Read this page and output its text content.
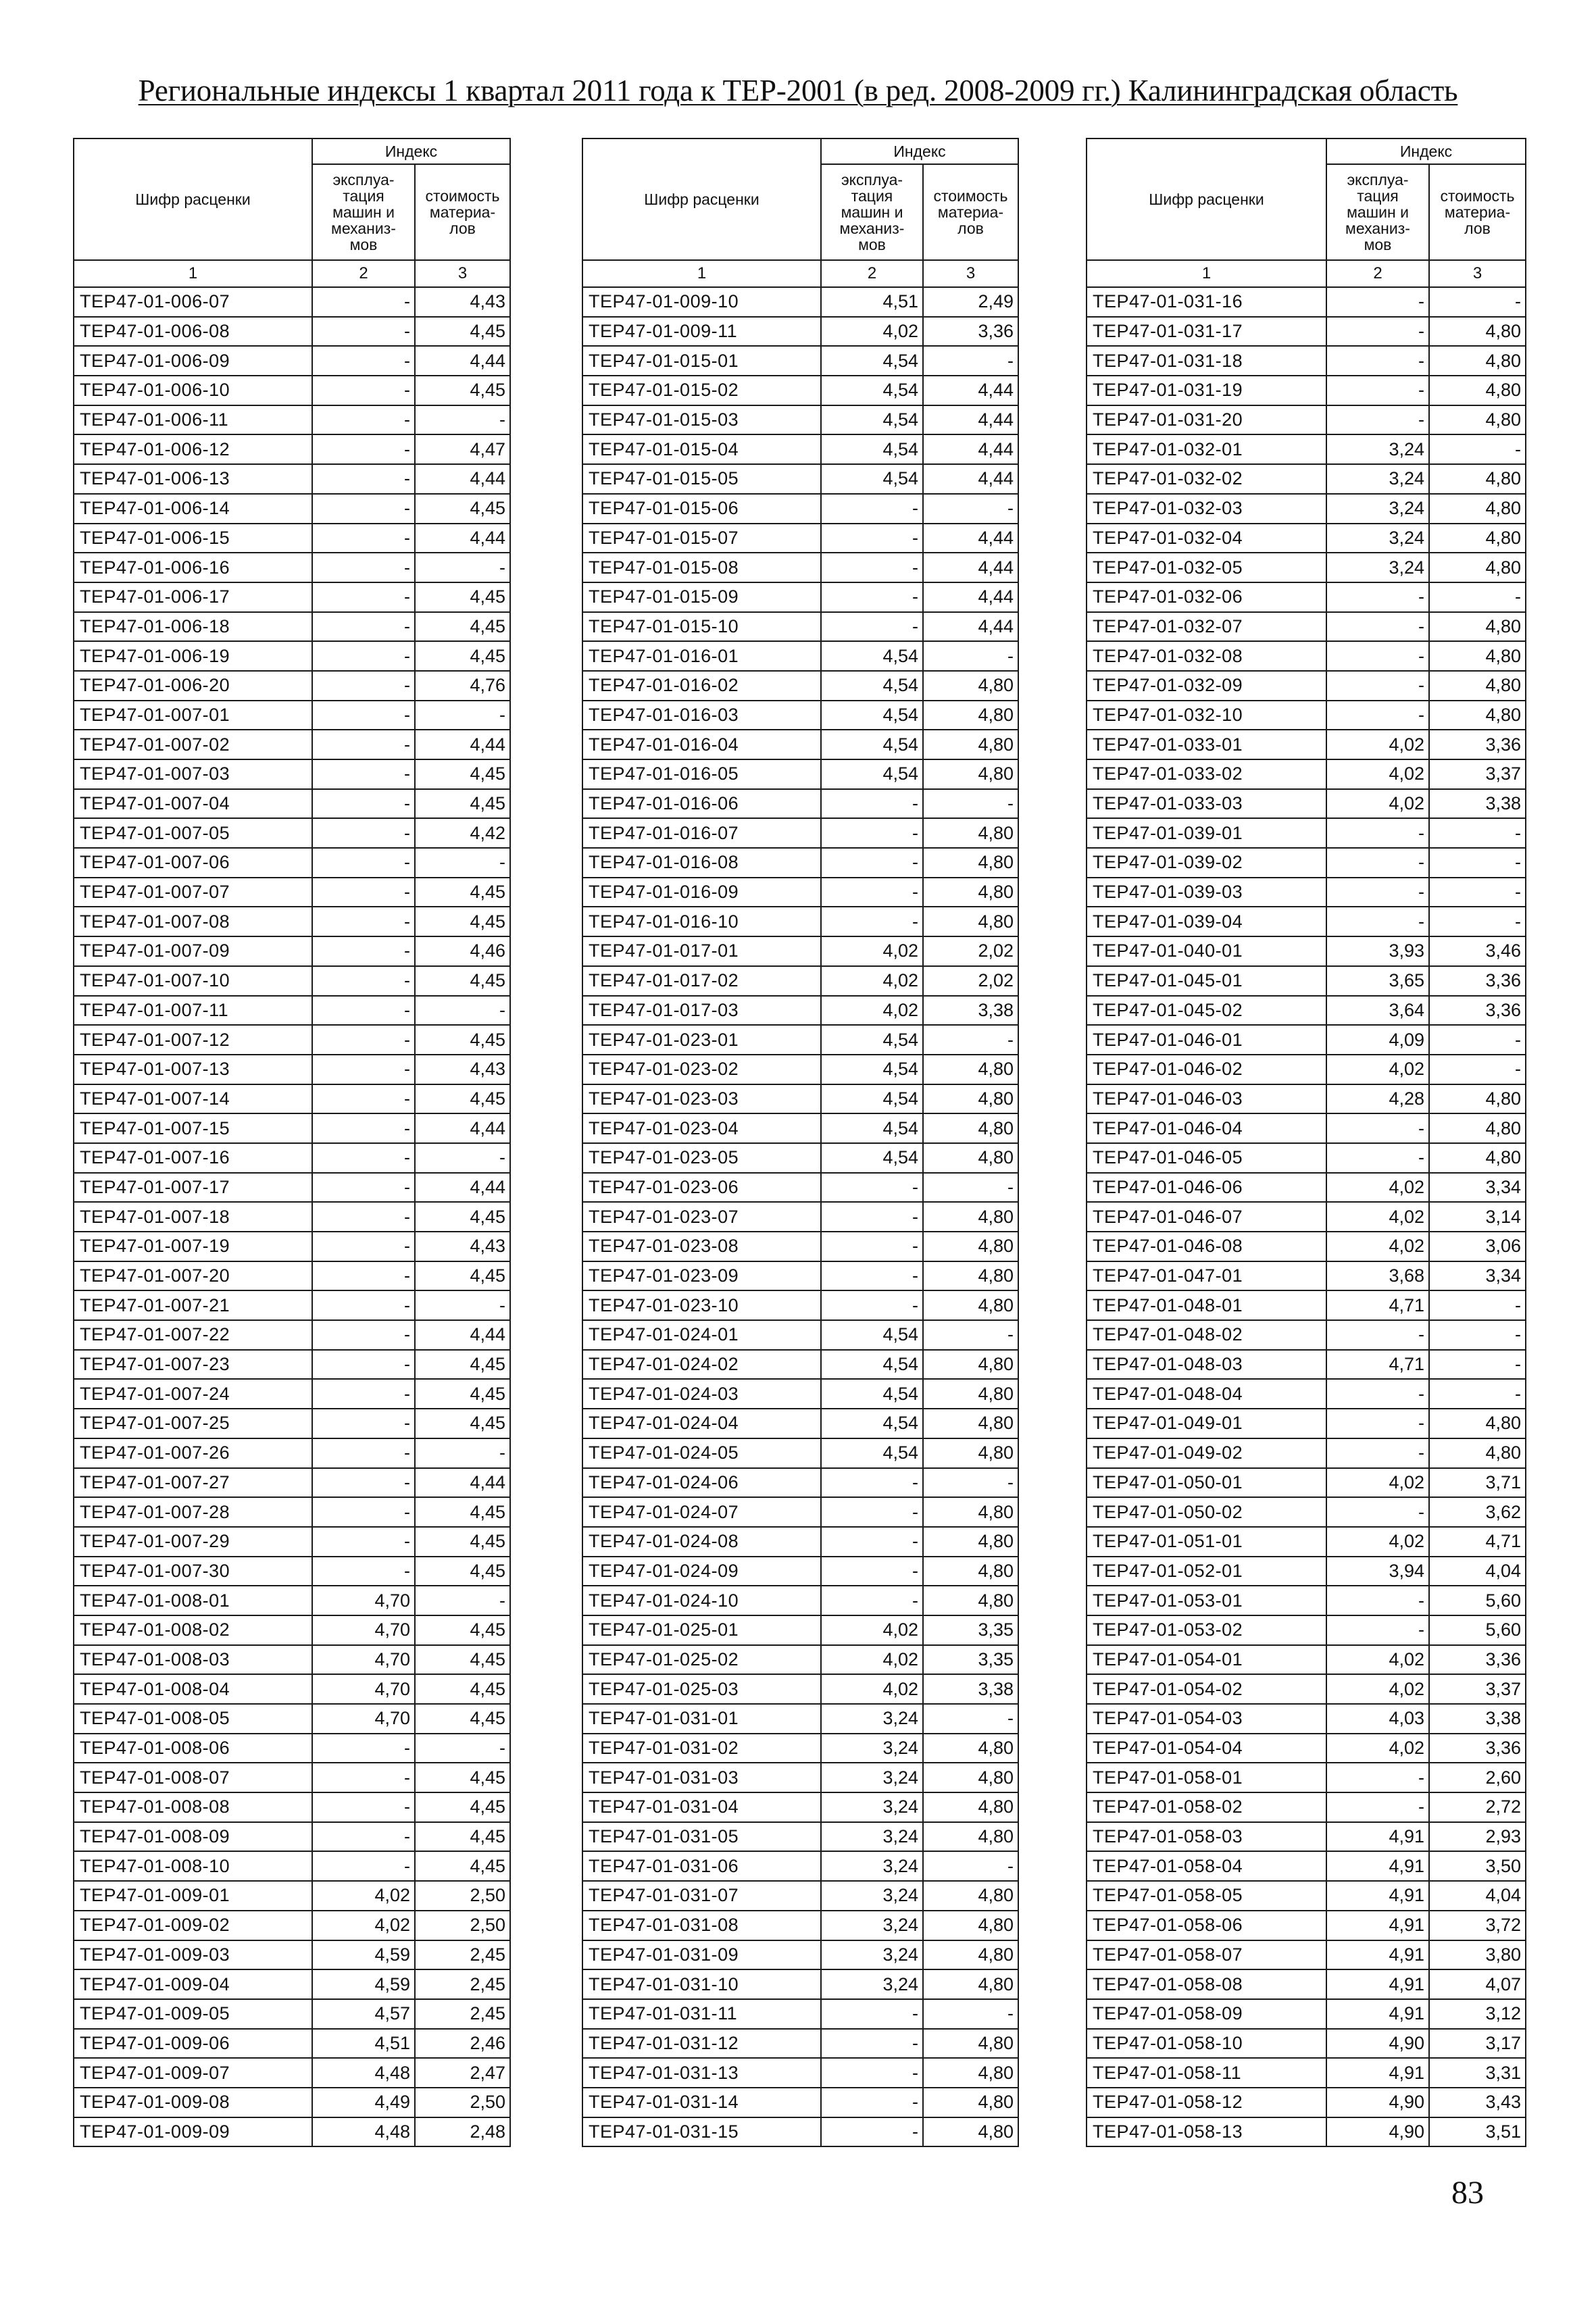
Региональные индексы 1 квартал 2011 года к ТЕР-2001 (в ред. 2008-2009 гг.) Калининградская область
Шифр расценки	Индекс	
	эксплуа-
тация
машин и
механиз-
мов	стоимость
материа-
лов
1	2	3
ТЕР47-01-006-07	-	4,43
ТЕР47-01-006-08	-	4,45
ТЕР47-01-006-09	-	4,44
ТЕР47-01-006-10	-	4,45
ТЕР47-01-006-11	-	-
ТЕР47-01-006-12	-	4,47
ТЕР47-01-006-13	-	4,44
ТЕР47-01-006-14	-	4,45
ТЕР47-01-006-15	-	4,44
ТЕР47-01-006-16	-	-
ТЕР47-01-006-17	-	4,45
ТЕР47-01-006-18	-	4,45
ТЕР47-01-006-19	-	4,45
ТЕР47-01-006-20	-	4,76
ТЕР47-01-007-01	-	-
ТЕР47-01-007-02	-	4,44
ТЕР47-01-007-03	-	4,45
ТЕР47-01-007-04	-	4,45
ТЕР47-01-007-05	-	4,42
ТЕР47-01-007-06	-	-
ТЕР47-01-007-07	-	4,45
ТЕР47-01-007-08	-	4,45
ТЕР47-01-007-09	-	4,46
ТЕР47-01-007-10	-	4,45
ТЕР47-01-007-11	-	-
ТЕР47-01-007-12	-	4,45
ТЕР47-01-007-13	-	4,43
ТЕР47-01-007-14	-	4,45
ТЕР47-01-007-15	-	4,44
ТЕР47-01-007-16	-	-
ТЕР47-01-007-17	-	4,44
ТЕР47-01-007-18	-	4,45
ТЕР47-01-007-19	-	4,43
ТЕР47-01-007-20	-	4,45
ТЕР47-01-007-21	-	-
ТЕР47-01-007-22	-	4,44
ТЕР47-01-007-23	-	4,45
ТЕР47-01-007-24	-	4,45
ТЕР47-01-007-25	-	4,45
ТЕР47-01-007-26	-	-
ТЕР47-01-007-27	-	4,44
ТЕР47-01-007-28	-	4,45
ТЕР47-01-007-29	-	4,45
ТЕР47-01-007-30	-	4,45
ТЕР47-01-008-01	4,70	-
ТЕР47-01-008-02	4,70	4,45
ТЕР47-01-008-03	4,70	4,45
ТЕР47-01-008-04	4,70	4,45
ТЕР47-01-008-05	4,70	4,45
ТЕР47-01-008-06	-	-
ТЕР47-01-008-07	-	4,45
ТЕР47-01-008-08	-	4,45
ТЕР47-01-008-09	-	4,45
ТЕР47-01-008-10	-	4,45
ТЕР47-01-009-01	4,02	2,50
ТЕР47-01-009-02	4,02	2,50
ТЕР47-01-009-03	4,59	2,45
ТЕР47-01-009-04	4,59	2,45
ТЕР47-01-009-05	4,57	2,45
ТЕР47-01-009-06	4,51	2,46
ТЕР47-01-009-07	4,48	2,47
ТЕР47-01-009-08	4,49	2,50
ТЕР47-01-009-09	4,48	2,48
Шифр расценки	Индекс	
	эксплуа-
тация
машин и
механиз-
мов	стоимость
материа-
лов
1	2	3
ТЕР47-01-009-10	4,51	2,49
ТЕР47-01-009-11	4,02	3,36
ТЕР47-01-015-01	4,54	-
ТЕР47-01-015-02	4,54	4,44
ТЕР47-01-015-03	4,54	4,44
ТЕР47-01-015-04	4,54	4,44
ТЕР47-01-015-05	4,54	4,44
ТЕР47-01-015-06	-	-
ТЕР47-01-015-07	-	4,44
ТЕР47-01-015-08	-	4,44
ТЕР47-01-015-09	-	4,44
ТЕР47-01-015-10	-	4,44
ТЕР47-01-016-01	4,54	-
ТЕР47-01-016-02	4,54	4,80
ТЕР47-01-016-03	4,54	4,80
ТЕР47-01-016-04	4,54	4,80
ТЕР47-01-016-05	4,54	4,80
ТЕР47-01-016-06	-	-
ТЕР47-01-016-07	-	4,80
ТЕР47-01-016-08	-	4,80
ТЕР47-01-016-09	-	4,80
ТЕР47-01-016-10	-	4,80
ТЕР47-01-017-01	4,02	2,02
ТЕР47-01-017-02	4,02	2,02
ТЕР47-01-017-03	4,02	3,38
ТЕР47-01-023-01	4,54	-
ТЕР47-01-023-02	4,54	4,80
ТЕР47-01-023-03	4,54	4,80
ТЕР47-01-023-04	4,54	4,80
ТЕР47-01-023-05	4,54	4,80
ТЕР47-01-023-06	-	-
ТЕР47-01-023-07	-	4,80
ТЕР47-01-023-08	-	4,80
ТЕР47-01-023-09	-	4,80
ТЕР47-01-023-10	-	4,80
ТЕР47-01-024-01	4,54	-
ТЕР47-01-024-02	4,54	4,80
ТЕР47-01-024-03	4,54	4,80
ТЕР47-01-024-04	4,54	4,80
ТЕР47-01-024-05	4,54	4,80
ТЕР47-01-024-06	-	-
ТЕР47-01-024-07	-	4,80
ТЕР47-01-024-08	-	4,80
ТЕР47-01-024-09	-	4,80
ТЕР47-01-024-10	-	4,80
ТЕР47-01-025-01	4,02	3,35
ТЕР47-01-025-02	4,02	3,35
ТЕР47-01-025-03	4,02	3,38
ТЕР47-01-031-01	3,24	-
ТЕР47-01-031-02	3,24	4,80
ТЕР47-01-031-03	3,24	4,80
ТЕР47-01-031-04	3,24	4,80
ТЕР47-01-031-05	3,24	4,80
ТЕР47-01-031-06	3,24	-
ТЕР47-01-031-07	3,24	4,80
ТЕР47-01-031-08	3,24	4,80
ТЕР47-01-031-09	3,24	4,80
ТЕР47-01-031-10	3,24	4,80
ТЕР47-01-031-11	-	-
ТЕР47-01-031-12	-	4,80
ТЕР47-01-031-13	-	4,80
ТЕР47-01-031-14	-	4,80
ТЕР47-01-031-15	-	4,80
Шифр расценки	Индекс	
	эксплуа-
тация
машин и
механиз-
мов	стоимость
материа-
лов
1	2	3
ТЕР47-01-031-16	-	-
ТЕР47-01-031-17	-	4,80
ТЕР47-01-031-18	-	4,80
ТЕР47-01-031-19	-	4,80
ТЕР47-01-031-20	-	4,80
ТЕР47-01-032-01	3,24	-
ТЕР47-01-032-02	3,24	4,80
ТЕР47-01-032-03	3,24	4,80
ТЕР47-01-032-04	3,24	4,80
ТЕР47-01-032-05	3,24	4,80
ТЕР47-01-032-06	-	-
ТЕР47-01-032-07	-	4,80
ТЕР47-01-032-08	-	4,80
ТЕР47-01-032-09	-	4,80
ТЕР47-01-032-10	-	4,80
ТЕР47-01-033-01	4,02	3,36
ТЕР47-01-033-02	4,02	3,37
ТЕР47-01-033-03	4,02	3,38
ТЕР47-01-039-01	-	-
ТЕР47-01-039-02	-	-
ТЕР47-01-039-03	-	-
ТЕР47-01-039-04	-	-
ТЕР47-01-040-01	3,93	3,46
ТЕР47-01-045-01	3,65	3,36
ТЕР47-01-045-02	3,64	3,36
ТЕР47-01-046-01	4,09	-
ТЕР47-01-046-02	4,02	-
ТЕР47-01-046-03	4,28	4,80
ТЕР47-01-046-04	-	4,80
ТЕР47-01-046-05	-	4,80
ТЕР47-01-046-06	4,02	3,34
ТЕР47-01-046-07	4,02	3,14
ТЕР47-01-046-08	4,02	3,06
ТЕР47-01-047-01	3,68	3,34
ТЕР47-01-048-01	4,71	-
ТЕР47-01-048-02	-	-
ТЕР47-01-048-03	4,71	-
ТЕР47-01-048-04	-	-
ТЕР47-01-049-01	-	4,80
ТЕР47-01-049-02	-	4,80
ТЕР47-01-050-01	4,02	3,71
ТЕР47-01-050-02	-	3,62
ТЕР47-01-051-01	4,02	4,71
ТЕР47-01-052-01	3,94	4,04
ТЕР47-01-053-01	-	5,60
ТЕР47-01-053-02	-	5,60
ТЕР47-01-054-01	4,02	3,36
ТЕР47-01-054-02	4,02	3,37
ТЕР47-01-054-03	4,03	3,38
ТЕР47-01-054-04	4,02	3,36
ТЕР47-01-058-01	-	2,60
ТЕР47-01-058-02	-	2,72
ТЕР47-01-058-03	4,91	2,93
ТЕР47-01-058-04	4,91	3,50
ТЕР47-01-058-05	4,91	4,04
ТЕР47-01-058-06	4,91	3,72
ТЕР47-01-058-07	4,91	3,80
ТЕР47-01-058-08	4,91	4,07
ТЕР47-01-058-09	4,91	3,12
ТЕР47-01-058-10	4,90	3,17
ТЕР47-01-058-11	4,91	3,31
ТЕР47-01-058-12	4,90	3,43
ТЕР47-01-058-13	4,90	3,51
83
